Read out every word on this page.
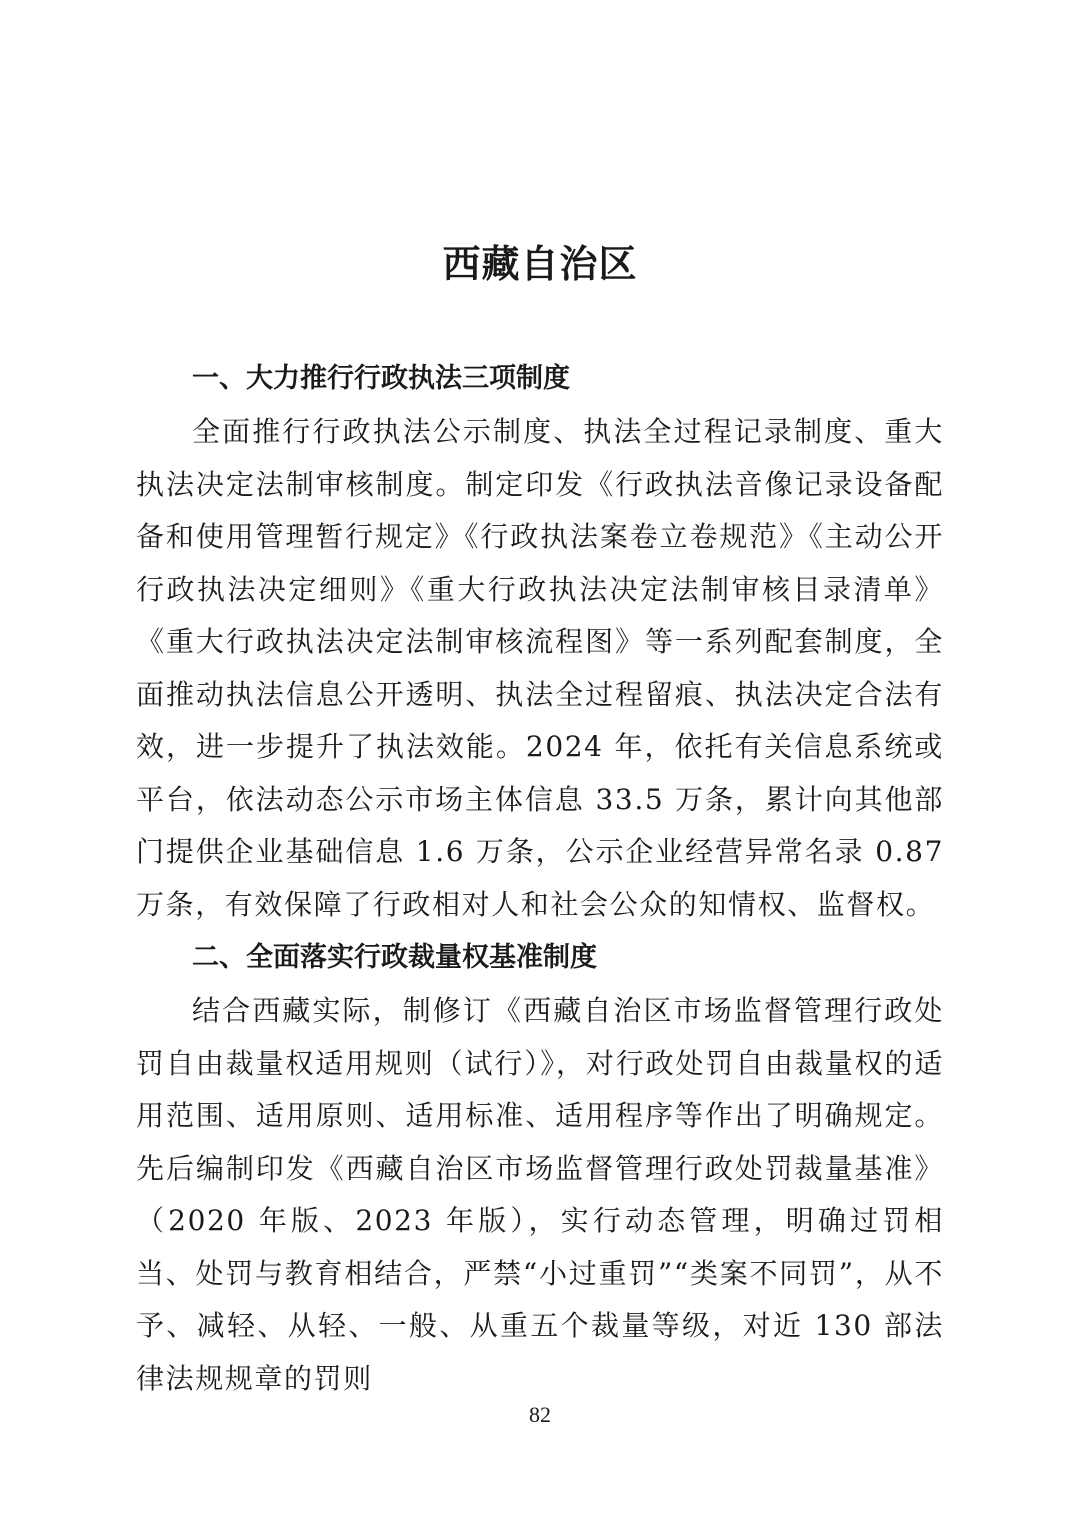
西藏自治区
一、大力推行行政执法三项制度

全面推行行政执法公示制度、执法全过程记录制度、重大执法决定法制审核制度。制定印发《行政执法音像记录设备配备和使用管理暂行规定》《行政执法案卷立卷规范》《主动公开行政执法决定细则》《重大行政执法决定法制审核目录清单》《重大行政执法决定法制审核流程图》等一系列配套制度，全面推动执法信息公开透明、执法全过程留痕、执法决定合法有效，进一步提升了执法效能。2024 年，依托有关信息系统或平台，依法动态公示市场主体信息 33.5 万条，累计向其他部门提供企业基础信息 1.6 万条，公示企业经营异常名录 0.87 万条，有效保障了行政相对人和社会公众的知情权、监督权。

二、全面落实行政裁量权基准制度

结合西藏实际，制修订《西藏自治区市场监督管理行政处罚自由裁量权适用规则（试行）》，对行政处罚自由裁量权的适用范围、适用原则、适用标准、适用程序等作出了明确规定。先后编制印发《西藏自治区市场监督管理行政处罚裁量基准》（2020 年版、2023 年版），实行动态管理，明确过罚相当、处罚与教育相结合，严禁“小过重罚”“类案不同罚”，从不予、减轻、从轻、一般、从重五个裁量等级，对近 130 部法律法规规章的罚则

82
